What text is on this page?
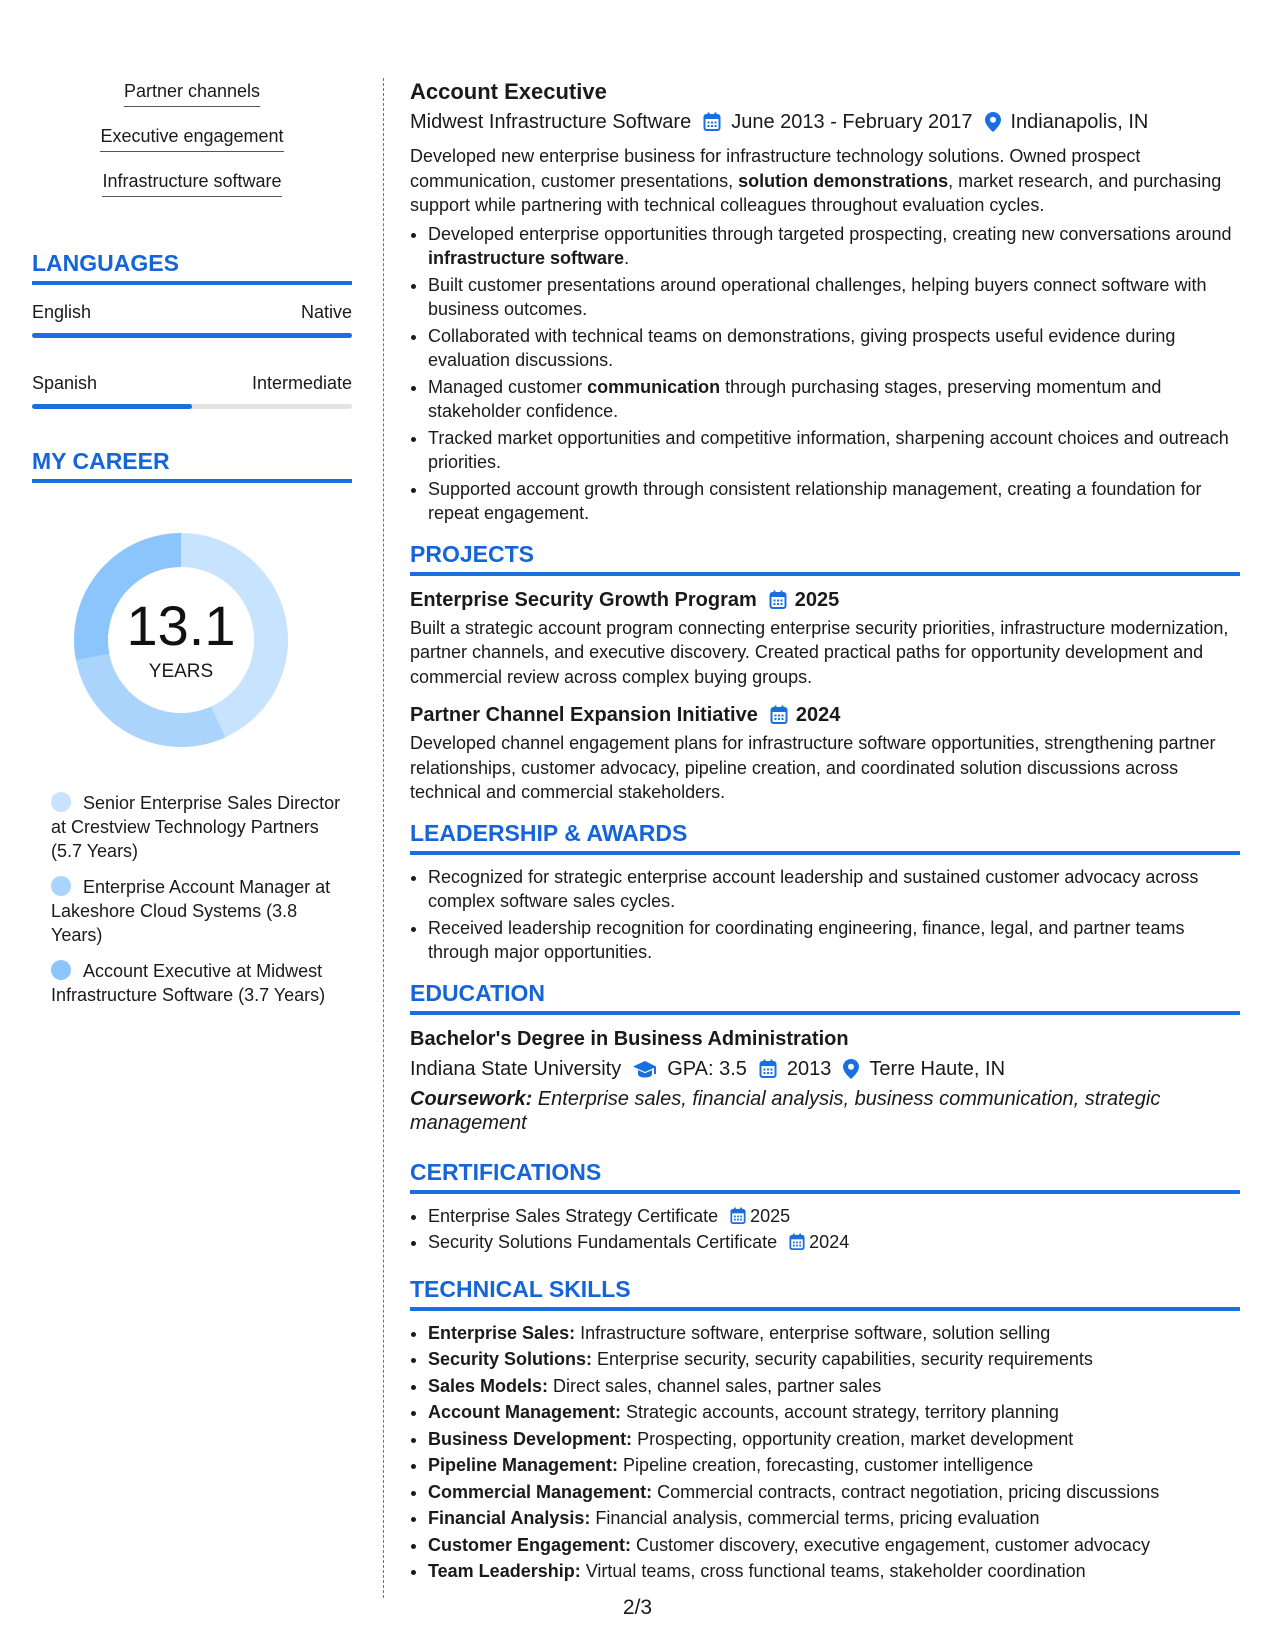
Partner channels
Executive engagement
Infrastructure software
LANGUAGES
English	Native
Spanish	Intermediate
MY CAREER
13.1
YEARS
Senior Enterprise Sales Director at Crestview Technology Partners (5.7 Years)
Enterprise Account Manager at Lakeshore Cloud Systems (3.8 Years)
Account Executive at Midwest Infrastructure Software (3.7 Years)
Account Executive
Midwest Infrastructure Software June 2013 - February 2017 Indianapolis, IN

Developed new enterprise business for infrastructure technology solutions. Owned prospect communication, customer presentations, solution demonstrations, market research, and purchasing support while partnering with technical colleagues throughout evaluation cycles.

• Developed enterprise opportunities through targeted prospecting, creating new conversations around infrastructure software.
• Built customer presentations around operational challenges, helping buyers connect software with business outcomes.
• Collaborated with technical teams on demonstrations, giving prospects useful evidence during evaluation discussions.
• Managed customer communication through purchasing stages, preserving momentum and stakeholder confidence.
• Tracked market opportunities and competitive information, sharpening account choices and outreach priorities.
• Supported account growth through consistent relationship management, creating a foundation for repeat engagement.
PROJECTS
Enterprise Security Growth Program 2025
Built a strategic account program connecting enterprise security priorities, infrastructure modernization, partner channels, and executive discovery. Created practical paths for opportunity development and commercial review across complex buying groups.
Partner Channel Expansion Initiative 2024
Developed channel engagement plans for infrastructure software opportunities, strengthening partner relationships, customer advocacy, pipeline creation, and coordinated solution discussions across technical and commercial stakeholders.
LEADERSHIP & AWARDS
• Recognized for strategic enterprise account leadership and sustained customer advocacy across complex software sales cycles.
• Received leadership recognition for coordinating engineering, finance, legal, and partner teams through major opportunities.
EDUCATION
Bachelor's Degree in Business Administration
Indiana State University GPA: 3.5 2013 Terre Haute, IN
Coursework: Enterprise sales, financial analysis, business communication, strategic management
CERTIFICATIONS
• Enterprise Sales Strategy Certificate 2025
• Security Solutions Fundamentals Certificate 2024
TECHNICAL SKILLS
• Enterprise Sales: Infrastructure software, enterprise software, solution selling
• Security Solutions: Enterprise security, security capabilities, security requirements
• Sales Models: Direct sales, channel sales, partner sales
• Account Management: Strategic accounts, account strategy, territory planning
• Business Development: Prospecting, opportunity creation, market development
• Pipeline Management: Pipeline creation, forecasting, customer intelligence
• Commercial Management: Commercial contracts, contract negotiation, pricing discussions
• Financial Analysis: Financial analysis, commercial terms, pricing evaluation
• Customer Engagement: Customer discovery, executive engagement, customer advocacy
• Team Leadership: Virtual teams, cross functional teams, stakeholder coordination
2/3
